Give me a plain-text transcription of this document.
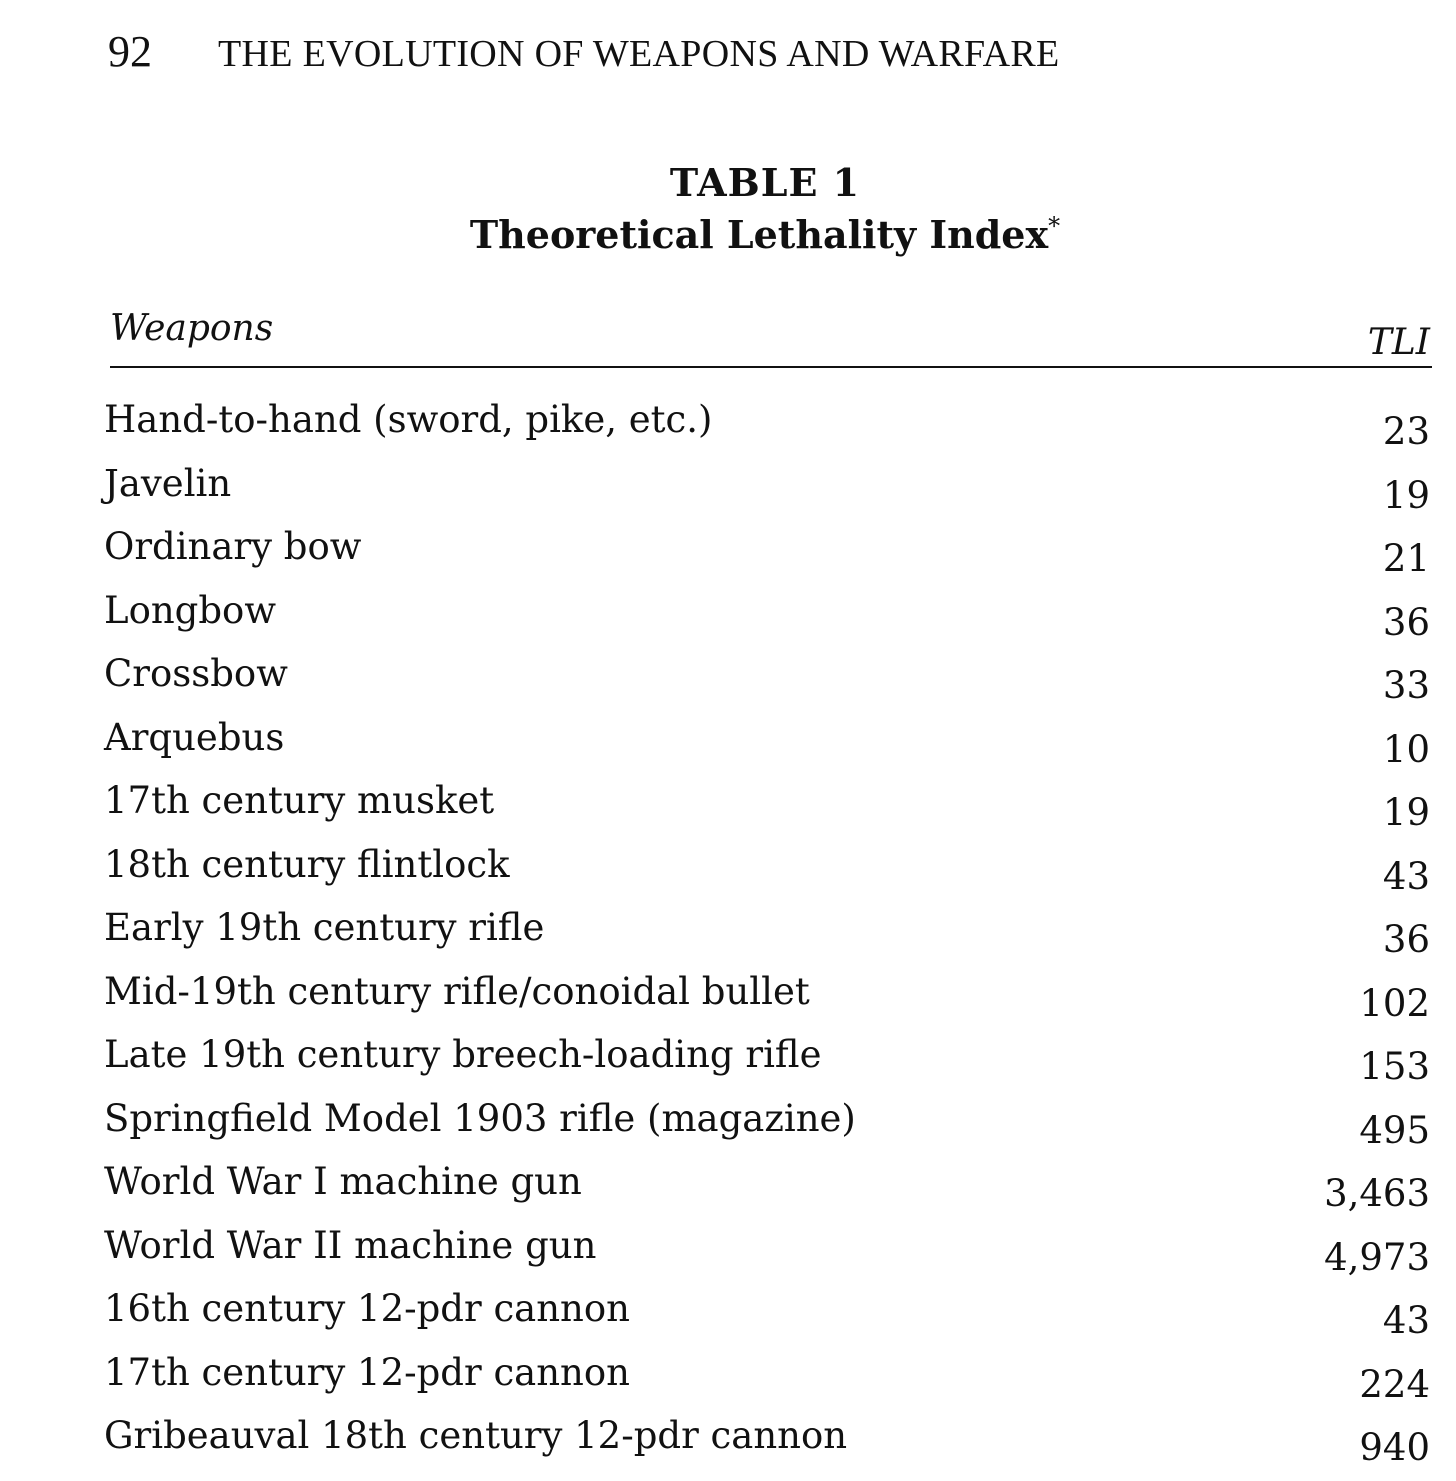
92 THE EVOLUTION OF WEAPONS AND WARFARE
TABLE 1
Theoretical Lethality Index*
Weapons	TLI
Hand-to-hand (sword, pike, etc.)	23
Javelin	19
Ordinary bow	21
Longbow	36
Crossbow	33
Arquebus	10
17th century musket	19
18th century flintlock	43
Early 19th century rifle	36
Mid-19th century rifle/conoidal bullet	102
Late 19th century breech-loading rifle	153
Springfield Model 1903 rifle (magazine)	495
World War I machine gun	3,463
World War II machine gun	4,973
16th century 12-pdr cannon	43
17th century 12-pdr cannon	224
Gribeauval 18th century 12-pdr cannon	940
